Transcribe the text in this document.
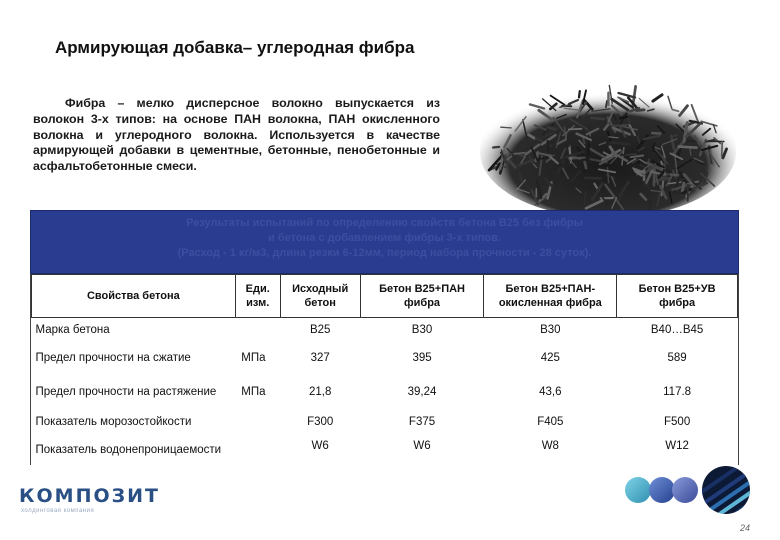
Армирующая добавка– углеродная фибра

Фибра – мелко дисперсное волокно выпускается из волокон 3-х типов: на основе ПАН волокна, ПАН окисленного волокна и углеродного волокна. Используется в качестве армирующей добавки в цементные, бетонные, пенобетонные и асфальтобетонные смеси.

Результаты испытаний по определению свойств бетона В25 без фибры
и бетона с добавлением фибры 3-х типов.
(Расход - 1 кг/м3, длина резки 6-12мм, период набора прочности - 28 суток).
Свойства бетона	Еди. изм.	Исходный бетон	Бетон В25+ПАН фибра	Бетон В25+ПАН-окисленная фибра	Бетон В25+УВ фибра
Марка бетона		В25	В30	В30	В40…В45
Предел прочности на сжатие	МПа	327	395	425	589
Предел прочности на растяжение	МПа	21,8	39,24	43,6	117.8
Показатель морозостойкости		F300	F375	F405	F500
Показатель водонепроницаемости		W6	W6	W8	W12
КОМПОЗИТ
холдинговая компания
24
